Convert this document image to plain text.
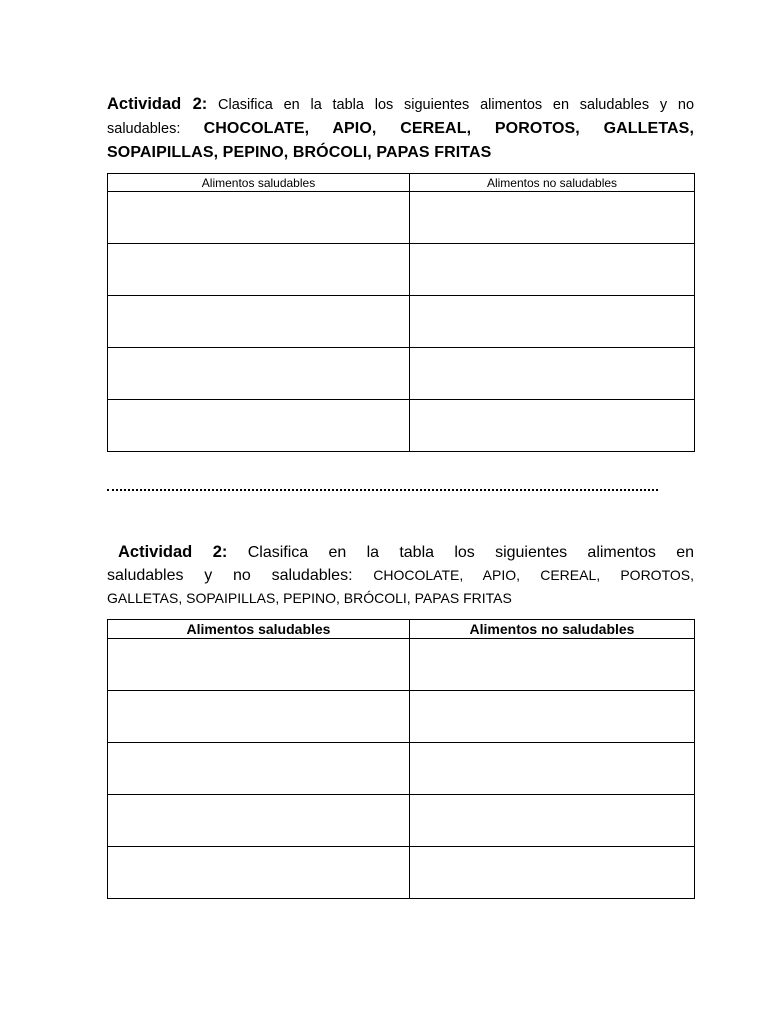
Actividad 2: Clasifica en la tabla los siguientes alimentos en saludables y no
saludables: CHOCOLATE, APIO, CEREAL, POROTOS, GALLETAS,
SOPAIPILLAS, PEPINO, BRÓCOLI, PAPAS FRITAS
Alimentos saludables	Alimentos no saludables

Actividad 2: Clasifica en la tabla los siguientes alimentos en
saludables y no saludables: CHOCOLATE, APIO, CEREAL, POROTOS,
GALLETAS, SOPAIPILLAS, PEPINO, BRÓCOLI, PAPAS FRITAS
Alimentos saludables	Alimentos no saludables
